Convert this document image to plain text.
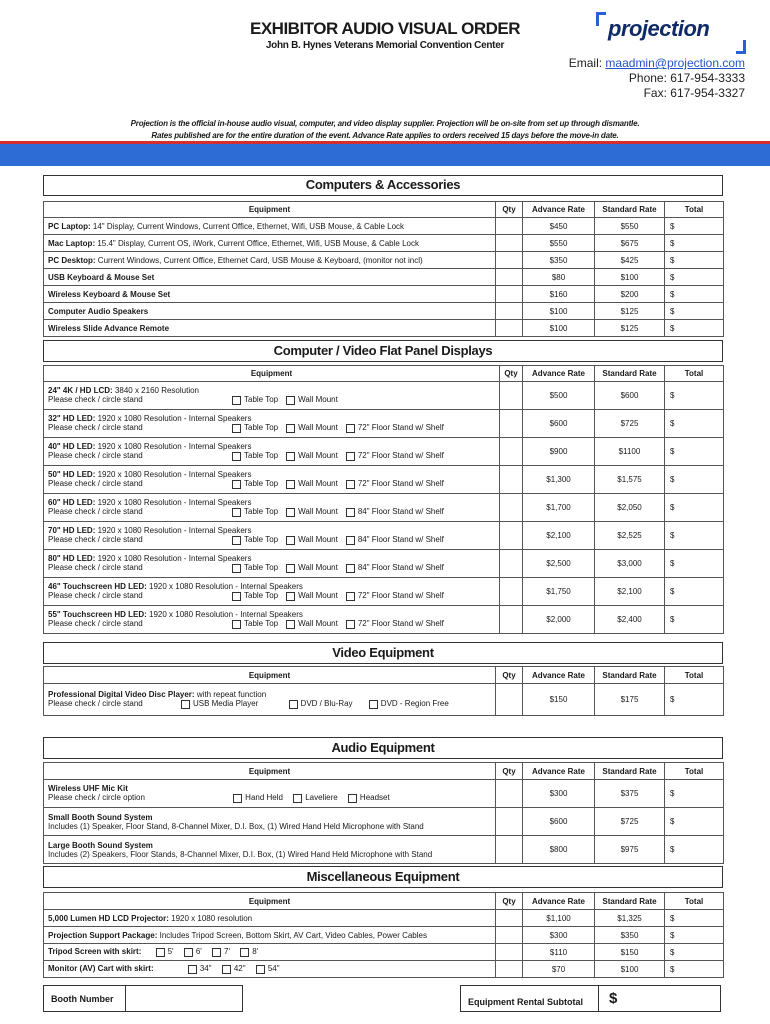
EXHIBITOR AUDIO VISUAL ORDER
John B. Hynes Veterans Memorial Convention Center
projection
Email: maadmin@projection.com
Phone: 617-954-3333
Fax: 617-954-3327
Projection is the official in-house audio visual, computer, and video display supplier. Projection will be on-site from set up through dismantle.
Rates published are for the entire duration of the event. Advance Rate applies to orders received 15 days before the move-in date.
Computers & Accessories
Equipment	Qty	Advance Rate	Standard Rate	Total
PC Laptop: 14" Display, Current Windows, Current Office, Ethernet, Wifi, USB Mouse, & Cable Lock		$450	$550	$
Mac Laptop: 15.4" Display, Current OS, iWork, Current Office, Ethernet, Wifi, USB Mouse, & Cable Lock		$550	$675	$
PC Desktop: Current Windows, Current Office, Ethernet Card, USB Mouse & Keyboard, (monitor not incl)		$350	$425	$
USB Keyboard & Mouse Set		$80	$100	$
Wireless Keyboard & Mouse Set		$160	$200	$
Computer Audio Speakers		$100	$125	$
Wireless Slide Advance Remote		$100	$125	$
Computer / Video Flat Panel Displays
Equipment	Qty	Advance Rate	Standard Rate	Total

24" 4K / HD LCD: 3840 x 2160 Resolution
Please check / circle stand Table Top Wall Mount		$500	$600	$

32" HD LED: 1920 x 1080 Resolution - Internal Speakers
Please check / circle stand Table Top Wall Mount 72" Floor Stand w/ Shelf		$600	$725	$

40" HD LED: 1920 x 1080 Resolution - Internal Speakers
Please check / circle stand Table Top Wall Mount 72" Floor Stand w/ Shelf		$900	$1100	$

50" HD LED: 1920 x 1080 Resolution - Internal Speakers
Please check / circle stand Table Top Wall Mount 72" Floor Stand w/ Shelf		$1,300	$1,575	$

60" HD LED: 1920 x 1080 Resolution - Internal Speakers
Please check / circle stand Table Top Wall Mount 84" Floor Stand w/ Shelf		$1,700	$2,050	$

70" HD LED: 1920 x 1080 Resolution - Internal Speakers
Please check / circle stand Table Top Wall Mount 84" Floor Stand w/ Shelf		$2,100	$2,525	$

80" HD LED: 1920 x 1080 Resolution - Internal Speakers
Please check / circle stand Table Top Wall Mount 84" Floor Stand w/ Shelf		$2,500	$3,000	$

46" Touchscreen HD LED: 1920 x 1080 Resolution - Internal Speakers
Please check / circle stand Table Top Wall Mount 72" Floor Stand w/ Shelf		$1,750	$2,100	$

55" Touchscreen HD LED: 1920 x 1080 Resolution - Internal Speakers
Please check / circle stand Table Top Wall Mount 72" Floor Stand w/ Shelf		$2,000	$2,400	$
Video Equipment
Equipment	Qty	Advance Rate	Standard Rate	Total

Professional Digital Video Disc Player: with repeat function
Please check / circle stand USB Media Player DVD / Blu-Ray DVD - Region Free		$150	$175	$
Audio Equipment
Equipment	Qty	Advance Rate	Standard Rate	Total

Wireless UHF Mic Kit
Please check / circle option Hand Held Laveliere Headset		$300	$375	$

Small Booth Sound System
Includes (1) Speaker, Floor Stand, 8-Channel Mixer, D.I. Box, (1) Wired Hand Held Microphone with Stand		$600	$725	$

Large Booth Sound System
Includes (2) Speakers, Floor Stands, 8-Channel Mixer, D.I. Box, (1) Wired Hand Held Microphone with Stand		$800	$975	$
Miscellaneous Equipment
Equipment	Qty	Advance Rate	Standard Rate	Total
5,000 Lumen HD LCD Projector: 1920 x 1080 resolution		$1,100	$1,325	$
Projection Support Package: Includes Tripod Screen, Bottom Skirt, AV Cart, Video Cables, Power Cables		$300	$350	$
Tripod Screen with skirt: 5' 6' 7' 8'		$110	$150	$
Monitor (AV) Cart with skirt: 34" 42" 54"		$70	$100	$
Booth Number	Equipment Rental Subtotal $
